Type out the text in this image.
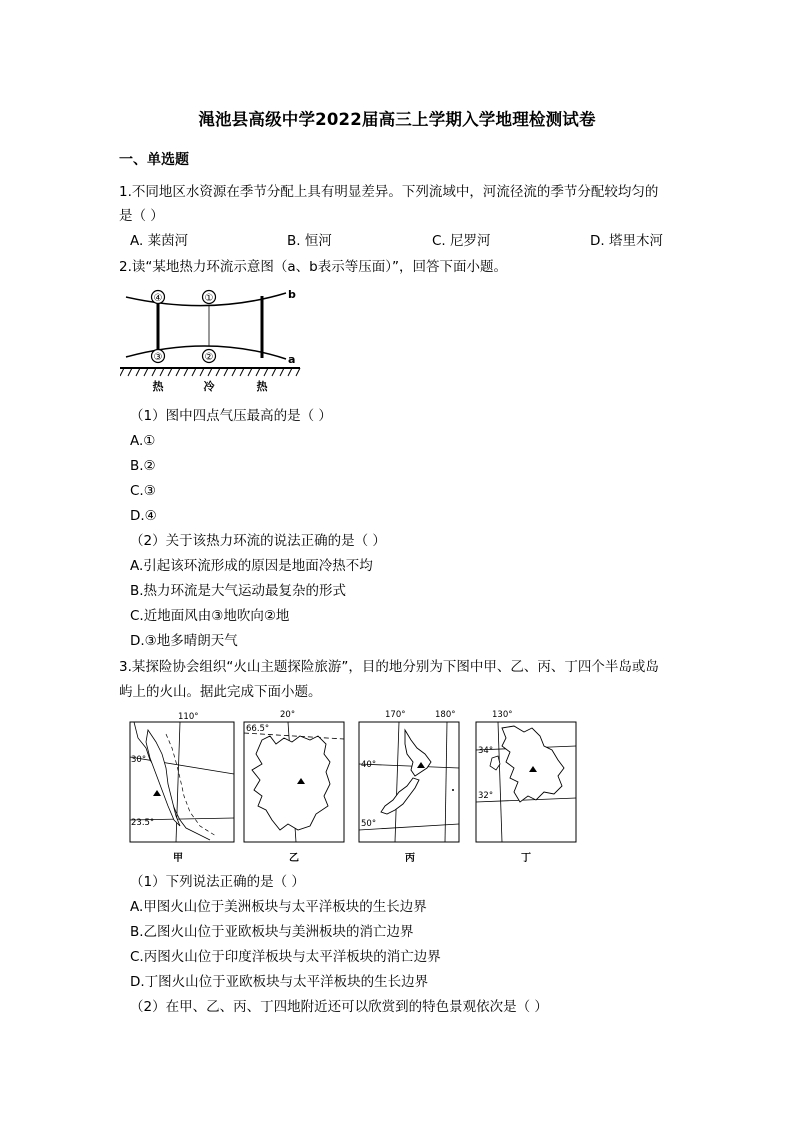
渑池县高级中学2022届高三上学期入学地理检测试卷
一、单选题
1.不同地区水资源在季节分配上具有明显差异。下列流域中，河流径流的季节分配较均匀的
是（ ）
A. 莱茵河	B. 恒河	C. 尼罗河	D. 塔里木河
2.读“某地热力环流示意图（a、b表示等压面）”，回答下面小题。
④	①
③	②
b
a
热	冷	热
（1）图中四点气压最高的是（ ）
A.①
B.②
C.③
D.④
（2）关于该热力环流的说法正确的是（ ）
A.引起该环流形成的原因是地面冷热不均
B.热力环流是大气运动最复杂的形式
C.近地面风由③地吹向②地
D.③地多晴朗天气
3.某探险协会组织“火山主题探险旅游”，目的地分别为下图中甲、乙、丙、丁四个半岛或岛
屿上的火山。据此完成下面小题。
110°
30°
23.5°
甲
20°
66.5°
乙
170°	180°
40°
50°
丙
130°
34°
32°
丁
（1）下列说法正确的是（ ）
A.甲图火山位于美洲板块与太平洋板块的生长边界
B.乙图火山位于亚欧板块与美洲板块的消亡边界
C.丙图火山位于印度洋板块与太平洋板块的消亡边界
D.丁图火山位于亚欧板块与太平洋板块的生长边界
（2）在甲、乙、丙、丁四地附近还可以欣赏到的特色景观依次是（ ）
